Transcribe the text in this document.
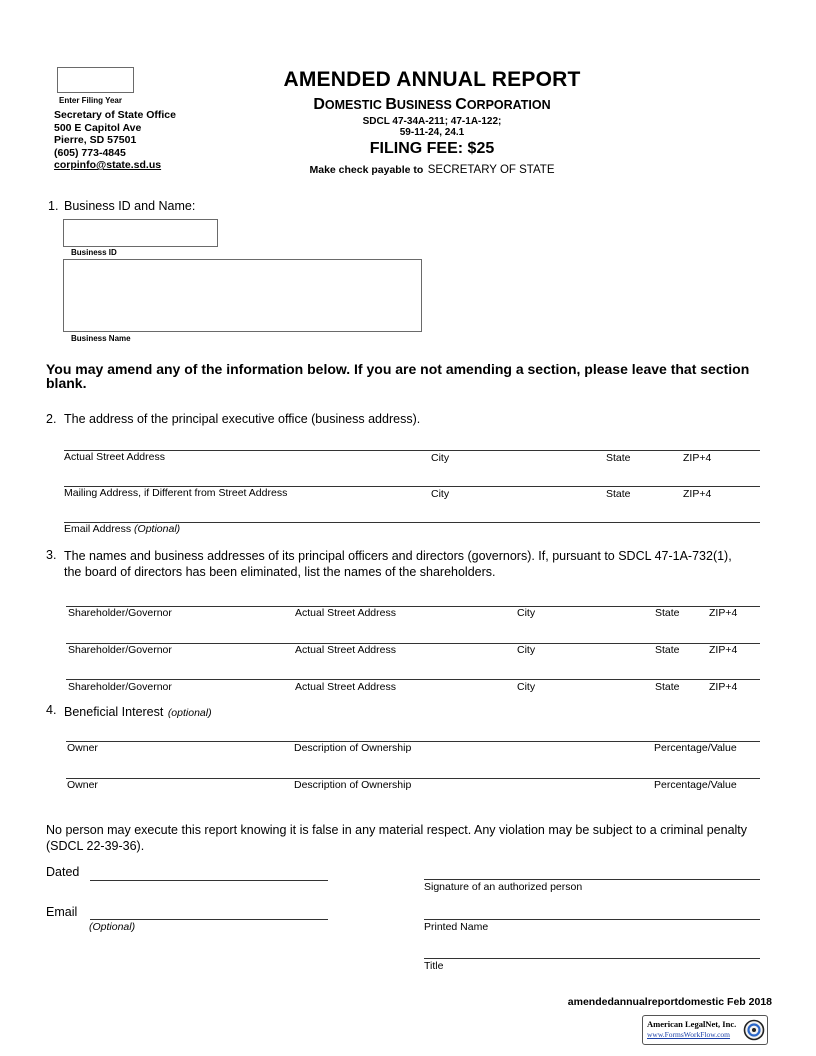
Enter Filing Year
Secretary of State Office
500 E Capitol Ave
Pierre, SD 57501
(605) 773-4845
corpinfo@state.sd.us
AMENDED ANNUAL REPORT
DOMESTIC BUSINESS CORPORATION
SDCL 47-34A-211; 47-1A-122;
59-11-24, 24.1
FILING FEE: $25
Make check payable to SECRETARY OF STATE
1. Business ID and Name:
Business ID
Business Name
You may amend any of the information below. If you are not amending a section, please leave that section blank.
2. The address of the principal executive office (business address).
Actual Street Address	City	State	ZIP+4
Mailing Address, if Different from Street Address	City	State	ZIP+4
Email Address (Optional)
3. The names and business addresses of its principal officers and directors (governors). If, pursuant to SDCL 47-1A-732(1), the board of directors has been eliminated, list the names of the shareholders.
Shareholder/Governor	Actual Street Address	City	State	ZIP+4
Shareholder/Governor	Actual Street Address	City	State	ZIP+4
Shareholder/Governor	Actual Street Address	City	State	ZIP+4
4. Beneficial Interest (optional)
Owner	Description of Ownership	Percentage/Value
Owner	Description of Ownership	Percentage/Value
No person may execute this report knowing it is false in any material respect. Any violation may be subject to a criminal penalty (SDCL 22-39-36).
Dated
Signature of an authorized person
Email
(Optional)	Printed Name
Title
amendedannualreportdomestic Feb 2018
American LegalNet, Inc.
www.FormsWorkFlow.com
